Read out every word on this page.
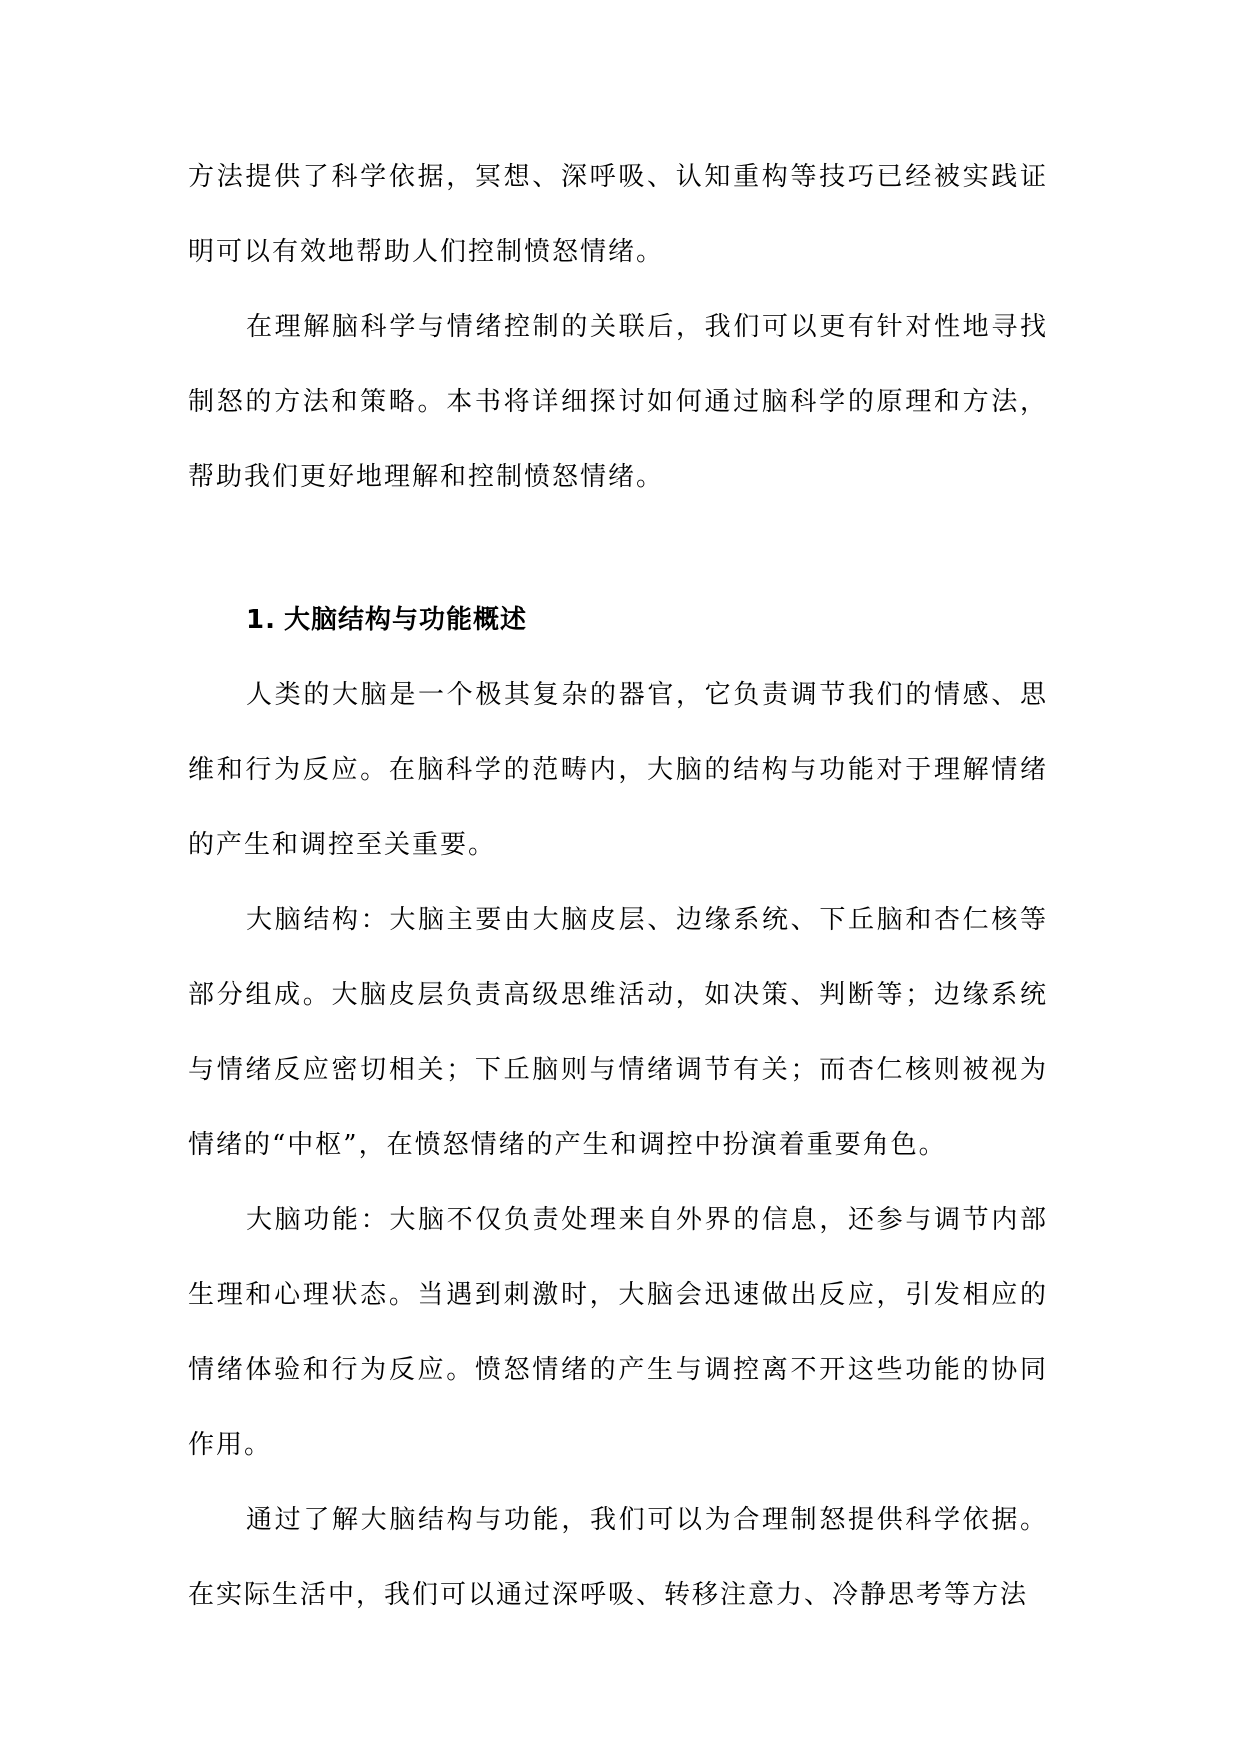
方法提供了科学依据，冥想、深呼吸、认知重构等技巧已经被实践证明可以有效地帮助人们控制愤怒情绪。

在理解脑科学与情绪控制的关联后，我们可以更有针对性地寻找制怒的方法和策略。本书将详细探讨如何通过脑科学的原理和方法，帮助我们更好地理解和控制愤怒情绪。

1. 大脑结构与功能概述

人类的大脑是一个极其复杂的器官，它负责调节我们的情感、思维和行为反应。在脑科学的范畴内，大脑的结构与功能对于理解情绪的产生和调控至关重要。

大脑结构：大脑主要由大脑皮层、边缘系统、下丘脑和杏仁核等部分组成。大脑皮层负责高级思维活动，如决策、判断等；边缘系统与情绪反应密切相关；下丘脑则与情绪调节有关；而杏仁核则被视为情绪的“中枢”，在愤怒情绪的产生和调控中扮演着重要角色。

大脑功能：大脑不仅负责处理来自外界的信息，还参与调节内部生理和心理状态。当遇到刺激时，大脑会迅速做出反应，引发相应的情绪体验和行为反应。愤怒情绪的产生与调控离不开这些功能的协同作用。

通过了解大脑结构与功能，我们可以为合理制怒提供科学依据。在实际生活中，我们可以通过深呼吸、转移注意力、冷静思考等方法
